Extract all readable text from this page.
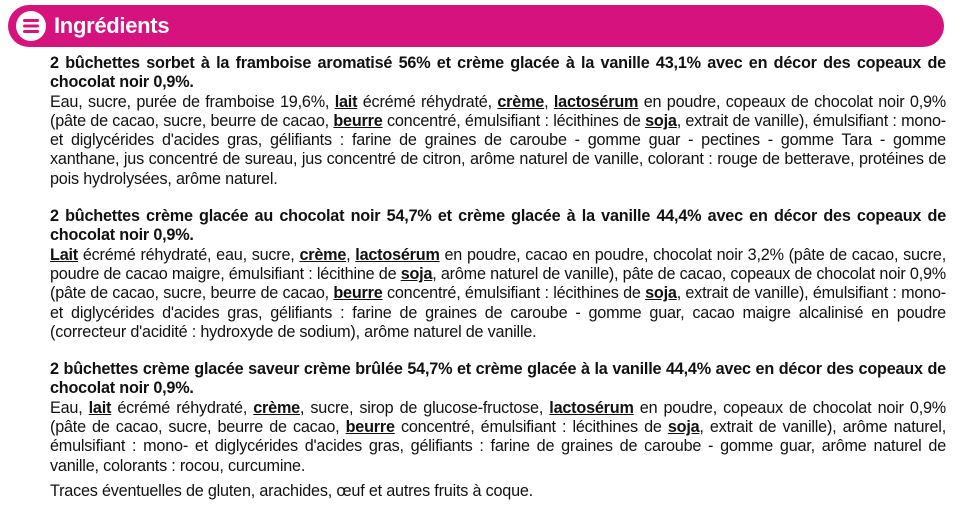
Ingrédients
2 bûchettes sorbet à la framboise aromatisé 56% et crème glacée à la vanille 43,1% avec en décor des copeaux de chocolat noir 0,9%.
Eau, sucre, purée de framboise 19,6%, lait écrémé réhydraté, crème, lactosérum en poudre, copeaux de chocolat noir 0,9% (pâte de cacao, sucre, beurre de cacao, beurre concentré, émulsifiant : lécithines de soja, extrait de vanille), émulsifiant : mono- et diglycérides d'acides gras, gélifiants : farine de graines de caroube - gomme guar - pectines - gomme Tara - gomme xanthane, jus concentré de sureau, jus concentré de citron, arôme naturel de vanille, colorant : rouge de betterave, protéines de pois hydrolysées, arôme naturel.
2 bûchettes crème glacée au chocolat noir 54,7% et crème glacée à la vanille 44,4% avec en décor des copeaux de chocolat noir 0,9%.
Lait écrémé réhydraté, eau, sucre, crème, lactosérum en poudre, cacao en poudre, chocolat noir 3,2% (pâte de cacao, sucre, poudre de cacao maigre, émulsifiant : lécithine de soja, arôme naturel de vanille), pâte de cacao, copeaux de chocolat noir 0,9% (pâte de cacao, sucre, beurre de cacao, beurre concentré, émulsifiant : lécithines de soja, extrait de vanille), émulsifiant : mono- et diglycérides d'acides gras, gélifiants : farine de graines de caroube - gomme guar, cacao maigre alcalinisé en poudre (correcteur d'acidité : hydroxyde de sodium), arôme naturel de vanille.
2 bûchettes crème glacée saveur crème brûlée 54,7% et crème glacée à la vanille 44,4% avec en décor des copeaux de chocolat noir 0,9%.
Eau, lait écrémé réhydraté, crème, sucre, sirop de glucose-fructose, lactosérum en poudre, copeaux de chocolat noir 0,9% (pâte de cacao, sucre, beurre de cacao, beurre concentré, émulsifiant : lécithines de soja, extrait de vanille), arôme naturel, émulsifiant : mono- et diglycérides d'acides gras, gélifiants : farine de graines de caroube - gomme guar, arôme naturel de vanille, colorants : rocou, curcumine.
Traces éventuelles de gluten, arachides, œuf et autres fruits à coque.
